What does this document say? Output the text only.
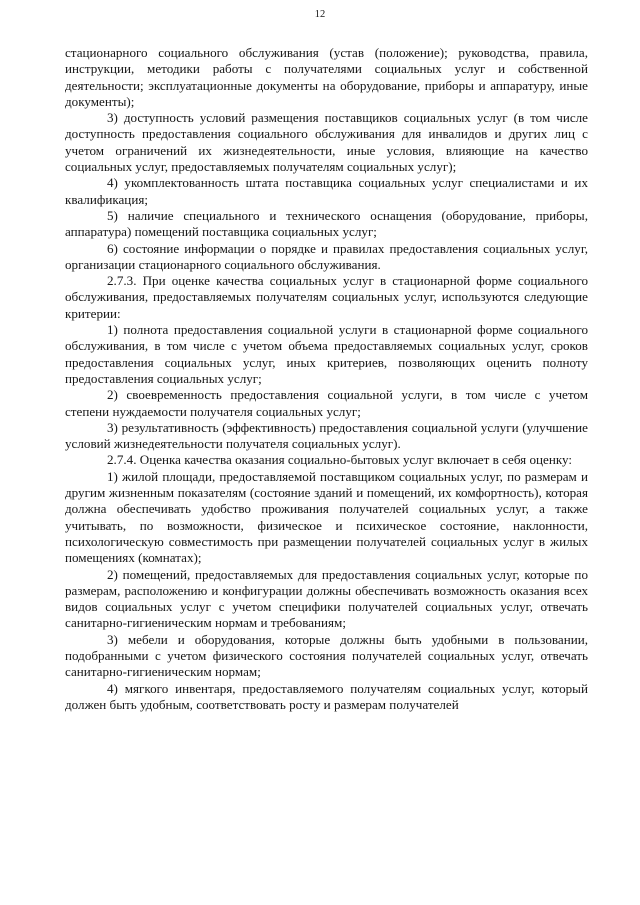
12

стационарного социального обслуживания (устав (положение); руководства, правила, инструкции, методики работы с получателями социальных услуг и собственной деятельности; эксплуатационные документы на оборудование, приборы и аппаратуру, иные документы);

3) доступность условий размещения поставщиков социальных услуг (в том числе доступность предоставления социального обслуживания для инвалидов и других лиц с учетом ограничений их жизнедеятельности, иные условия, влияющие на качество социальных услуг, предоставляемых получателям социальных услуг);

4) укомплектованность штата поставщика социальных услуг специалистами и их квалификация;

5) наличие специального и технического оснащения (оборудование, приборы, аппаратура) помещений поставщика социальных услуг;

6) состояние информации о порядке и правилах предоставления социальных услуг, организации стационарного социального обслуживания.

2.7.3. При оценке качества социальных услуг в стационарной форме социального обслуживания, предоставляемых получателям социальных услуг, используются следующие критерии:

1) полнота предоставления социальной услуги в стационарной форме социального обслуживания, в том числе с учетом объема предоставляемых социальных услуг, сроков предоставления социальных услуг, иных критериев, позволяющих оценить полноту предоставления социальных услуг;

2) своевременность предоставления социальной услуги, в том числе с учетом степени нуждаемости получателя социальных услуг;

3) результативность (эффективность) предоставления социальной услуги (улучшение условий жизнедеятельности получателя социальных услуг).

2.7.4. Оценка качества оказания социально-бытовых услуг включает в себя оценку:

1) жилой площади, предоставляемой поставщиком социальных услуг, по размерам и другим жизненным показателям (состояние зданий и помещений, их комфортность), которая должна обеспечивать удобство проживания получателей социальных услуг, а также учитывать, по возможности, физическое и психическое состояние, наклонности, психологическую совместимость при размещении получателей социальных услуг в жилых помещениях (комнатах);

2) помещений, предоставляемых для предоставления социальных услуг, которые по размерам, расположению и конфигурации должны обеспечивать возможность оказания всех видов социальных услуг с учетом специфики получателей социальных услуг, отвечать санитарно-гигиеническим нормам и требованиям;

3) мебели и оборудования, которые должны быть удобными в пользовании, подобранными с учетом физического состояния получателей социальных услуг, отвечать санитарно-гигиеническим нормам;

4) мягкого инвентаря, предоставляемого получателям социальных услуг, который должен быть удобным, соответствовать росту и размерам получателей
